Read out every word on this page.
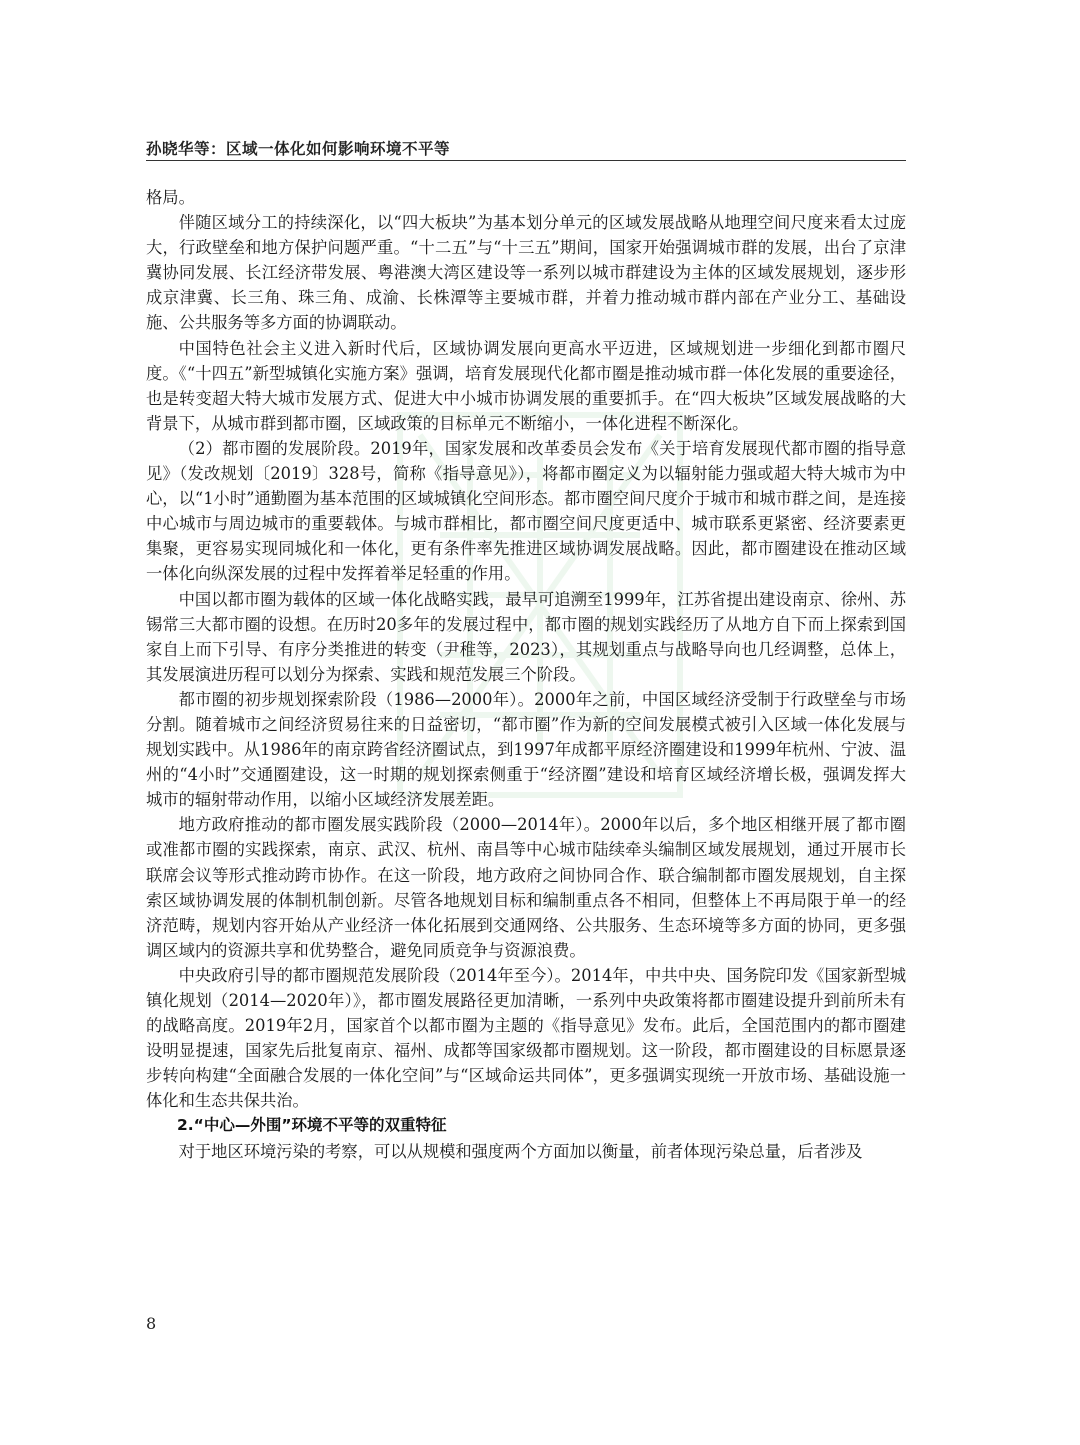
孙晓华等：区域一体化如何影响环境不平等

格局。

伴随区域分工的持续深化，以“四大板块”为基本划分单元的区域发展战略从地理空间尺度来看太过庞大，行政壁垒和地方保护问题严重。“十二五”与“十三五”期间，国家开始强调城市群的发展，出台了京津冀协同发展、长江经济带发展、粤港澳大湾区建设等一系列以城市群建设为主体的区域发展规划，逐步形成京津冀、长三角、珠三角、成渝、长株潭等主要城市群，并着力推动城市群内部在产业分工、基础设施、公共服务等多方面的协调联动。

中国特色社会主义进入新时代后，区域协调发展向更高水平迈进，区域规划进一步细化到都市圈尺度。《“十四五”新型城镇化实施方案》强调，培育发展现代化都市圈是推动城市群一体化发展的重要途径，也是转变超大特大城市发展方式、促进大中小城市协调发展的重要抓手。在“四大板块”区域发展战略的大背景下，从城市群到都市圈，区域政策的目标单元不断缩小，一体化进程不断深化。

（2）都市圈的发展阶段。2019年，国家发展和改革委员会发布《关于培育发展现代都市圈的指导意见》（发改规划〔2019〕328号，简称《指导意见》），将都市圈定义为以辐射能力强或超大特大城市为中心，以“1小时”通勤圈为基本范围的区域城镇化空间形态。都市圈空间尺度介于城市和城市群之间，是连接中心城市与周边城市的重要载体。与城市群相比，都市圈空间尺度更适中、城市联系更紧密、经济要素更集聚，更容易实现同城化和一体化，更有条件率先推进区域协调发展战略。因此，都市圈建设在推动区域一体化向纵深发展的过程中发挥着举足轻重的作用。

中国以都市圈为载体的区域一体化战略实践，最早可追溯至1999年，江苏省提出建设南京、徐州、苏锡常三大都市圈的设想。在历时20多年的发展过程中，都市圈的规划实践经历了从地方自下而上探索到国家自上而下引导、有序分类推进的转变（尹稚等，2023），其规划重点与战略导向也几经调整，总体上，其发展演进历程可以划分为探索、实践和规范发展三个阶段。

都市圈的初步规划探索阶段（1986—2000年）。2000年之前，中国区域经济受制于行政壁垒与市场分割。随着城市之间经济贸易往来的日益密切，“都市圈”作为新的空间发展模式被引入区域一体化发展与规划实践中。从1986年的南京跨省经济圈试点，到1997年成都平原经济圈建设和1999年杭州、宁波、温州的“4小时”交通圈建设，这一时期的规划探索侧重于“经济圈”建设和培育区域经济增长极，强调发挥大城市的辐射带动作用，以缩小区域经济发展差距。

地方政府推动的都市圈发展实践阶段（2000—2014年）。2000年以后，多个地区相继开展了都市圈或准都市圈的实践探索，南京、武汉、杭州、南昌等中心城市陆续牵头编制区域发展规划，通过开展市长联席会议等形式推动跨市协作。在这一阶段，地方政府之间协同合作、联合编制都市圈发展规划，自主探索区域协调发展的体制机制创新。尽管各地规划目标和编制重点各不相同，但整体上不再局限于单一的经济范畴，规划内容开始从产业经济一体化拓展到交通网络、公共服务、生态环境等多方面的协同，更多强调区域内的资源共享和优势整合，避免同质竞争与资源浪费。

中央政府引导的都市圈规范发展阶段（2014年至今）。2014年，中共中央、国务院印发《国家新型城镇化规划（2014—2020年）》，都市圈发展路径更加清晰，一系列中央政策将都市圈建设提升到前所未有的战略高度。2019年2月，国家首个以都市圈为主题的《指导意见》发布。此后，全国范围内的都市圈建设明显提速，国家先后批复南京、福州、成都等国家级都市圈规划。这一阶段，都市圈建设的目标愿景逐步转向构建“全面融合发展的一体化空间”与“区域命运共同体”，更多强调实现统一开放市场、基础设施一体化和生态共保共治。

2.“中心—外围”环境不平等的双重特征

对于地区环境污染的考察，可以从规模和强度两个方面加以衡量，前者体现污染总量，后者涉及

8
